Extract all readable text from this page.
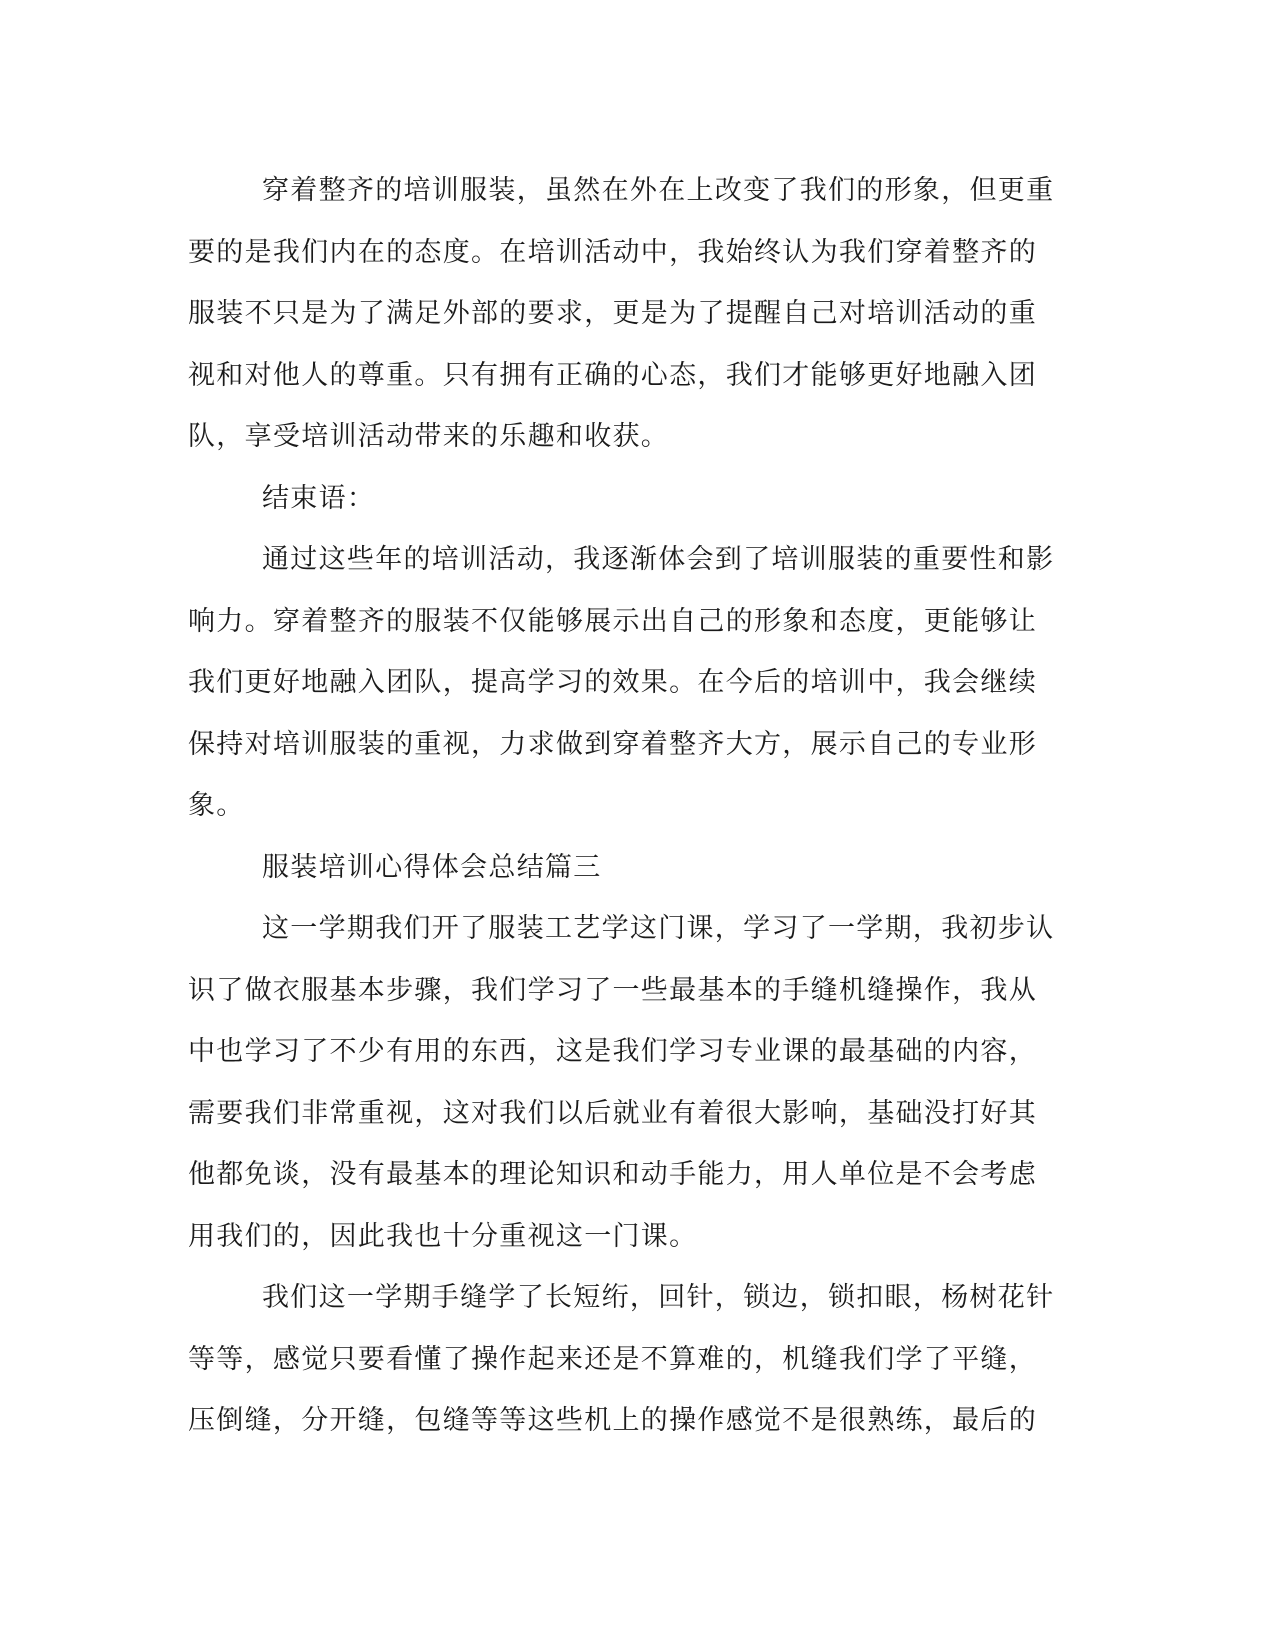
穿着整齐的培训服装，虽然在外在上改变了我们的形象，但更重
要的是我们内在的态度。在培训活动中，我始终认为我们穿着整齐的
服装不只是为了满足外部的要求，更是为了提醒自己对培训活动的重
视和对他人的尊重。只有拥有正确的心态，我们才能够更好地融入团
队，享受培训活动带来的乐趣和收获。
结束语：
通过这些年的培训活动，我逐渐体会到了培训服装的重要性和影
响力。穿着整齐的服装不仅能够展示出自己的形象和态度，更能够让
我们更好地融入团队，提高学习的效果。在今后的培训中，我会继续
保持对培训服装的重视，力求做到穿着整齐大方，展示自己的专业形
象。
服装培训心得体会总结篇三
这一学期我们开了服装工艺学这门课，学习了一学期，我初步认
识了做衣服基本步骤，我们学习了一些最基本的手缝机缝操作，我从
中也学习了不少有用的东西，这是我们学习专业课的最基础的内容，
需要我们非常重视，这对我们以后就业有着很大影响，基础没打好其
他都免谈，没有最基本的理论知识和动手能力，用人单位是不会考虑
用我们的，因此我也十分重视这一门课。
我们这一学期手缝学了长短绗，回针，锁边，锁扣眼，杨树花针
等等，感觉只要看懂了操作起来还是不算难的，机缝我们学了平缝，
压倒缝，分开缝，包缝等等这些机上的操作感觉不是很熟练，最后的
